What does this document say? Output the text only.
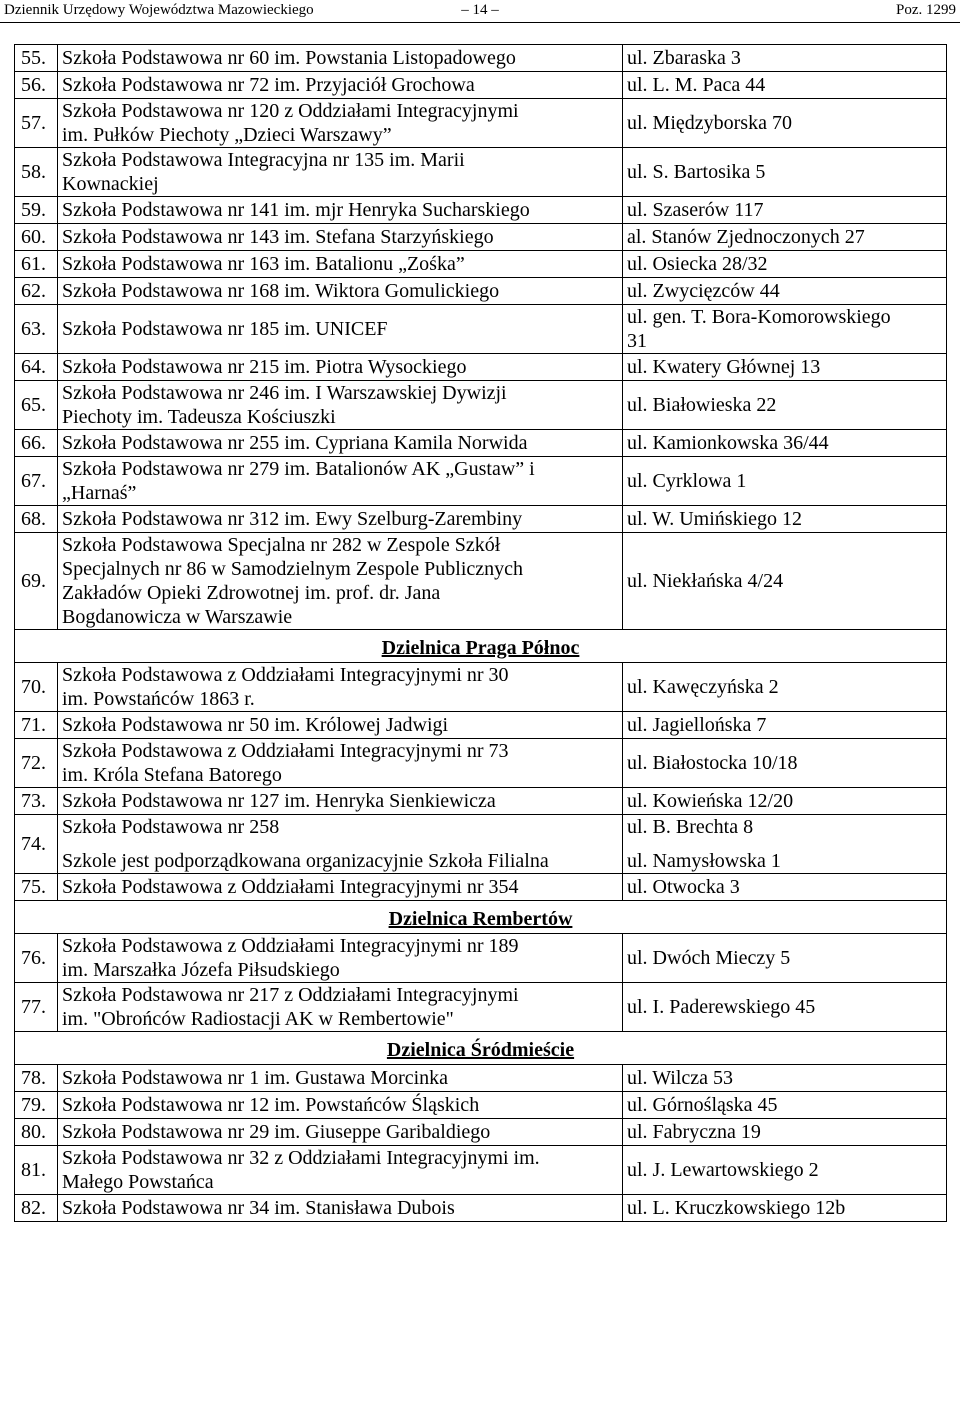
Dziennik Urzędowy Województwa Mazowieckiego	– 14 –	Poz. 1299
55.	Szkoła Podstawowa nr 60 im. Powstania Listopadowego	ul. Zbaraska 3

56.	Szkoła Podstawowa nr 72 im. Przyjaciół Grochowa	ul. L. M. Paca 44

57.	Szkoła Podstawowa nr 120 z Oddziałami Integracyjnymi
im. Pułków Piechoty „Dzieci Warszawy”	ul. Międzyborska 70

58.	Szkoła Podstawowa Integracyjna nr 135 im. Marii
Kownackiej	ul. S. Bartosika 5

59.	Szkoła Podstawowa nr 141 im. mjr Henryka Sucharskiego	ul. Szaserów 117

60.	Szkoła Podstawowa nr 143 im. Stefana Starzyńskiego	al. Stanów Zjednoczonych 27

61.	Szkoła Podstawowa nr 163 im. Batalionu „Zośka”	ul. Osiecka 28/32

62.	Szkoła Podstawowa nr 168 im. Wiktora Gomulickiego	ul. Zwycięzców 44

63.	Szkoła Podstawowa nr 185 im. UNICEF	ul. gen. T. Bora-Komorowskiego
31

64.	Szkoła Podstawowa nr 215 im. Piotra Wysockiego	ul. Kwatery Głównej 13

65.	Szkoła Podstawowa nr 246 im. I Warszawskiej Dywizji
Piechoty im. Tadeusza Kościuszki	ul. Białowieska 22

66.	Szkoła Podstawowa nr 255 im. Cypriana Kamila Norwida	ul. Kamionkowska 36/44

67.	Szkoła Podstawowa nr 279 im. Batalionów AK „Gustaw” i
„Harnaś”	ul. Cyrklowa 1

68.	Szkoła Podstawowa nr 312 im. Ewy Szelburg-Zarembiny	ul. W. Umińskiego 12

69.	Szkoła Podstawowa Specjalna nr 282 w Zespole Szkół
Specjalnych nr 86 w Samodzielnym Zespole Publicznych
Zakładów Opieki Zdrowotnej im. prof. dr. Jana
Bogdanowicza w Warszawie	ul. Niekłańska 4/24

Dzielnica Praga Północ		
70.	Szkoła Podstawowa z Oddziałami Integracyjnymi nr 30
im. Powstańców 1863 r.	ul. Kawęczyńska 2

71.	Szkoła Podstawowa nr 50 im. Królowej Jadwigi	ul. Jagiellońska 7

72.	Szkoła Podstawowa z Oddziałami Integracyjnymi nr 73
im. Króla Stefana Batorego	ul. Białostocka 10/18

73.	Szkoła Podstawowa nr 127 im. Henryka Sienkiewicza	ul. Kowieńska 12/20

74.	Szkoła Podstawowa nr 258
Szkole jest podporządkowana organizacyjnie Szkoła Filialna	ul. B. Brechta 8
ul. Namysłowska 1

75.	Szkoła Podstawowa z Oddziałami Integracyjnymi nr 354	ul. Otwocka 3

Dzielnica Rembertów		
76.	Szkoła Podstawowa z Oddziałami Integracyjnymi nr 189
im. Marszałka Józefa Piłsudskiego	ul. Dwóch Mieczy 5

77.	Szkoła Podstawowa nr 217 z Oddziałami Integracyjnymi
im. "Obrońców Radiostacji AK w Rembertowie"	ul. I. Paderewskiego 45

Dzielnica Śródmieście		
78.	Szkoła Podstawowa nr 1 im. Gustawa Morcinka	ul. Wilcza 53

79.	Szkoła Podstawowa nr 12 im. Powstańców Śląskich	ul. Górnośląska 45

80.	Szkoła Podstawowa nr 29 im. Giuseppe Garibaldiego	ul. Fabryczna 19

81.	Szkoła Podstawowa nr 32 z Oddziałami Integracyjnymi im.
Małego Powstańca	ul. J. Lewartowskiego 2

82.	Szkoła Podstawowa nr 34 im. Stanisława Dubois	ul. L. Kruczkowskiego 12b
